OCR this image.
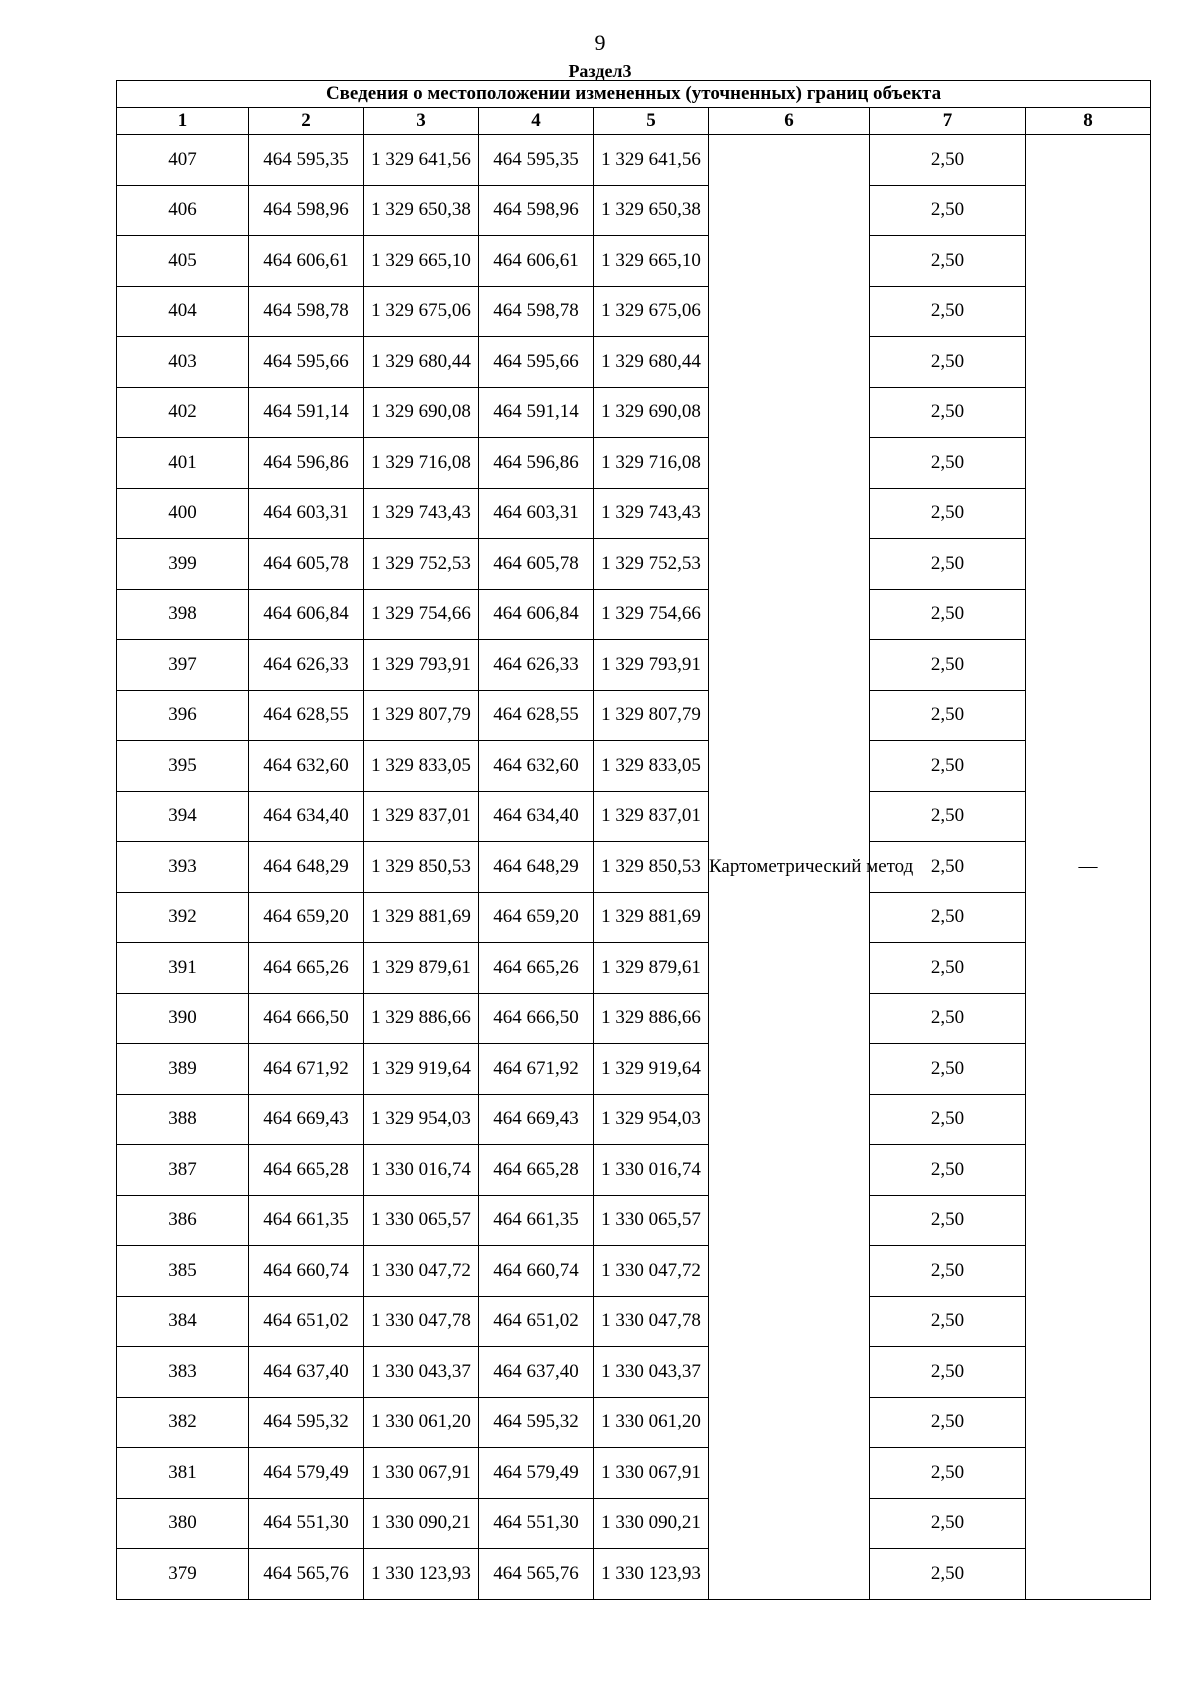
9
Раздел3
Сведения о местоположении измененных (уточненных) границ объекта							
1	2	3	4	5	6	7	8
407	464 595,35	1 329 641,56	464 595,35	1 329 641,56	Картометрический метод	2,50	—
406	464 598,96	1 329 650,38	464 598,96	1 329 650,38		2,50	
405	464 606,61	1 329 665,10	464 606,61	1 329 665,10		2,50	
404	464 598,78	1 329 675,06	464 598,78	1 329 675,06		2,50	
403	464 595,66	1 329 680,44	464 595,66	1 329 680,44		2,50	
402	464 591,14	1 329 690,08	464 591,14	1 329 690,08		2,50	
401	464 596,86	1 329 716,08	464 596,86	1 329 716,08		2,50	
400	464 603,31	1 329 743,43	464 603,31	1 329 743,43		2,50	
399	464 605,78	1 329 752,53	464 605,78	1 329 752,53		2,50	
398	464 606,84	1 329 754,66	464 606,84	1 329 754,66		2,50	
397	464 626,33	1 329 793,91	464 626,33	1 329 793,91		2,50	
396	464 628,55	1 329 807,79	464 628,55	1 329 807,79		2,50	
395	464 632,60	1 329 833,05	464 632,60	1 329 833,05		2,50	
394	464 634,40	1 329 837,01	464 634,40	1 329 837,01		2,50	
393	464 648,29	1 329 850,53	464 648,29	1 329 850,53		2,50	
392	464 659,20	1 329 881,69	464 659,20	1 329 881,69		2,50	
391	464 665,26	1 329 879,61	464 665,26	1 329 879,61		2,50	
390	464 666,50	1 329 886,66	464 666,50	1 329 886,66		2,50	
389	464 671,92	1 329 919,64	464 671,92	1 329 919,64		2,50	
388	464 669,43	1 329 954,03	464 669,43	1 329 954,03		2,50	
387	464 665,28	1 330 016,74	464 665,28	1 330 016,74		2,50	
386	464 661,35	1 330 065,57	464 661,35	1 330 065,57		2,50	
385	464 660,74	1 330 047,72	464 660,74	1 330 047,72		2,50	
384	464 651,02	1 330 047,78	464 651,02	1 330 047,78		2,50	
383	464 637,40	1 330 043,37	464 637,40	1 330 043,37		2,50	
382	464 595,32	1 330 061,20	464 595,32	1 330 061,20		2,50	
381	464 579,49	1 330 067,91	464 579,49	1 330 067,91		2,50	
380	464 551,30	1 330 090,21	464 551,30	1 330 090,21		2,50	
379	464 565,76	1 330 123,93	464 565,76	1 330 123,93		2,50	
